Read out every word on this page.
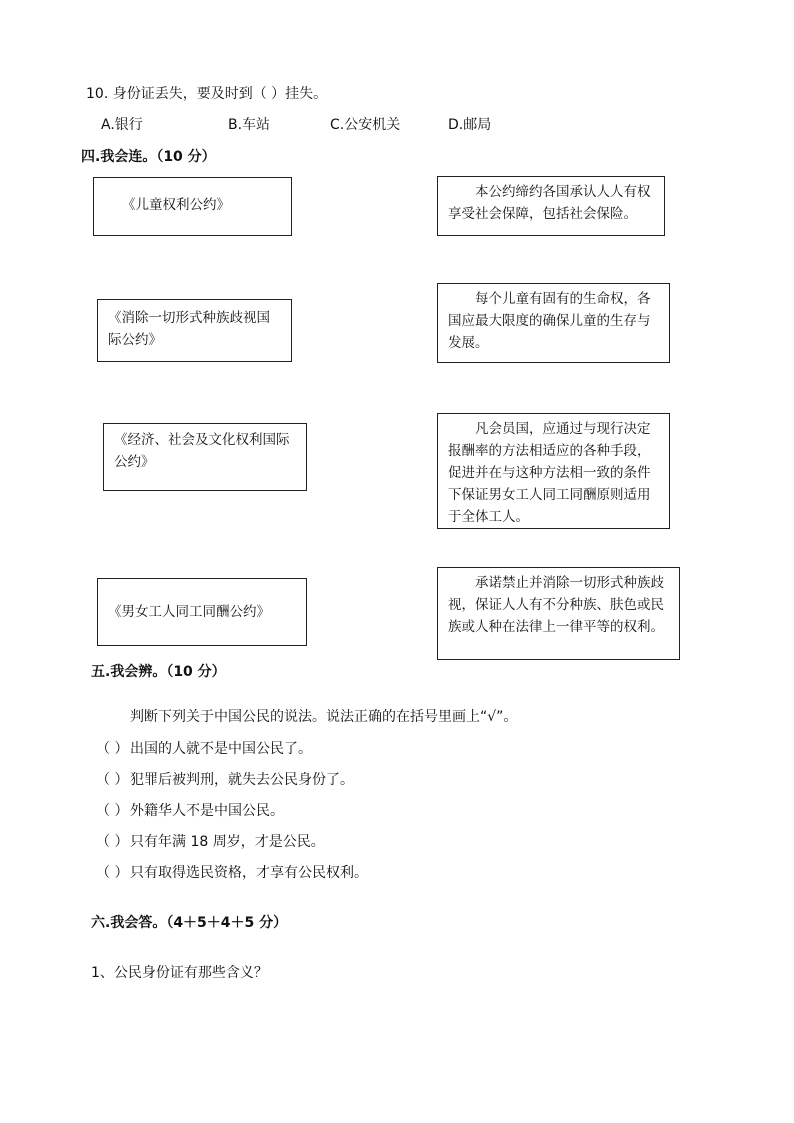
10. 身份证丢失，要及时到（ ）挂失。
A.银行	B.车站	C.公安机关	D.邮局
四.我会连。（10 分）
《儿童权利公约》
《消除一切形式种族歧视国际公约》
《经济、社会及文化权利国际公约》
《男女工人同工同酬公约》
本公约缔约各国承认人人有权享受社会保障，包括社会保险。
每个儿童有固有的生命权，各国应最大限度的确保儿童的生存与发展。
凡会员国，应通过与现行决定报酬率的方法相适应的各种手段，促进并在与这种方法相一致的条件下保证男女工人同工同酬原则适用于全体工人。
承诺禁止并消除一切形式种族歧视，保证人人有不分种族、肤色或民族或人种在法律上一律平等的权利。
五.我会辨。（10 分）
判断下列关于中国公民的说法。说法正确的在括号里画上“√”。
（ ） 出国的人就不是中国公民了。
（ ） 犯罪后被判刑，就失去公民身份了。
（ ） 外籍华人不是中国公民。
（ ） 只有年满 18 周岁，才是公民。
（ ） 只有取得选民资格，才享有公民权利。
六.我会答。（4＋5＋4＋5 分）
1、公民身份证有那些含义？
